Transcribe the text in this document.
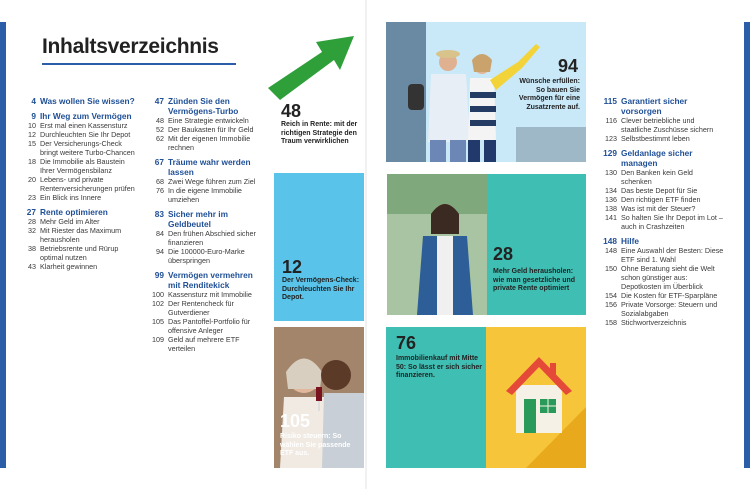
Inhaltsverzeichnis
4 Was wollen Sie wissen?
9 Ihr Weg zum Vermögen
10 Erst mal einen Kassensturz
12 Durchleuchten Sie Ihr Depot
15 Der Versicherungs-Check bringt weitere Turbo-Chancen
18 Die Immobilie als Baustein Ihrer Vermögensbilanz
20 Lebens- und private Rentenversicherungen prüfen
23 Ein Blick ins Innere
27 Rente optimieren
28 Mehr Geld im Alter
32 Mit Riester das Maximum herausholen
38 Betriebsrente und Rürup optimal nutzen
43 Klarheit gewinnen
47 Zünden Sie den Vermögens-Turbo
48 Eine Strategie entwickeln
52 Der Baukasten für Ihr Geld
62 Mit der eigenen Immobilie rechnen
67 Träume wahr werden lassen
68 Zwei Wege führen zum Ziel
76 In die eigene Immobilie umziehen
83 Sicher mehr im Geldbeutel
84 Den frühen Abschied sicher finanzieren
94 Die 100000-Euro-Marke überspringen
99 Vermögen vermehren mit Renditekick
100 Kassensturz mit Immobilie
102 Der Rentencheck für Gutverdiener
105 Das Pantoffel-Portfolio für offensive Anleger
109 Geld auf mehrere ETF verteilen
115 Garantiert sicher vorsorgen
116 Clever betriebliche und staatliche Zuschüsse sichern
123 Selbstbestimmt leben
129 Geldanlage sicher managen
130 Den Banken kein Geld schenken
134 Das beste Depot für Sie
136 Den richtigen ETF finden
138 Was ist mit der Steuer?
141 So halten Sie Ihr Depot im Lot – auch in Crashzeiten
148 Hilfe
148 Eine Auswahl der Besten: Diese ETF sind 1. Wahl
150 Ohne Beratung sieht die Welt schon günstiger aus: Depotkosten im Überblick
154 Die Kosten für ETF-Sparpläne
156 Private Vorsorge: Steuern und Sozialabgaben
158 Stichwortverzeichnis
48
Reich in Rente: mit der richtigen Strategie den Traum verwirklichen
94
Wünsche erfüllen: So bauen Sie Vermögen für eine Zusatzrente auf.
12
Der Vermögens-Check: Durchleuchten Sie Ihr Depot.
28
Mehr Geld herausholen: wie man gesetzliche und private Rente optimiert
105
Risiko steuern: So wählen Sie passende ETF aus.
76
Immobilienkauf mit Mitte 50: So lässt er sich sicher finanzieren.
